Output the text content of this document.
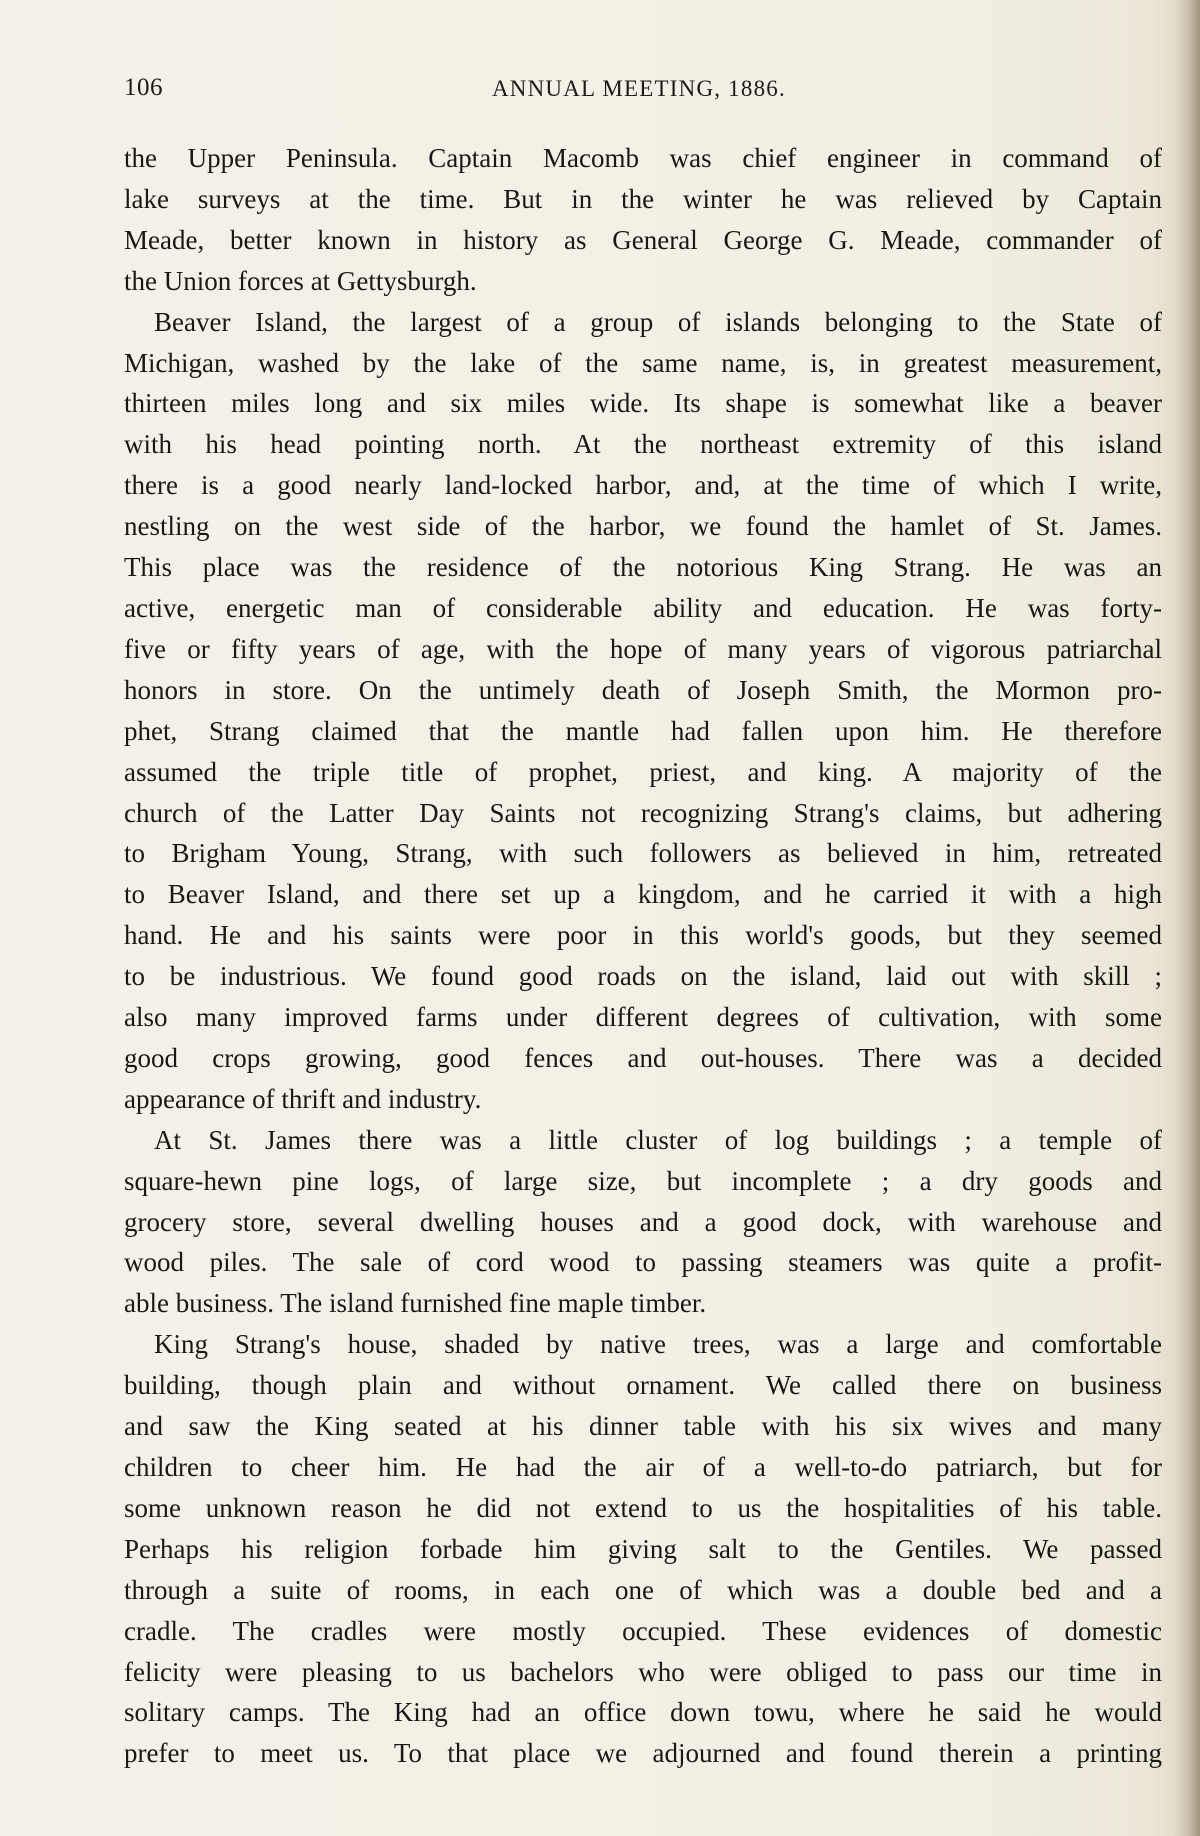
106	ANNUAL MEETING, 1886.
the Upper Peninsula. Captain Macomb was chief engineer in command of
lake surveys at the time. But in the winter he was relieved by Captain
Meade, better known in history as General George G. Meade, commander of
the Union forces at Gettysburgh.
Beaver Island, the largest of a group of islands belonging to the State of
Michigan, washed by the lake of the same name, is, in greatest measurement,
thirteen miles long and six miles wide. Its shape is somewhat like a beaver
with his head pointing north. At the northeast extremity of this island
there is a good nearly land-locked harbor, and, at the time of which I write,
nestling on the west side of the harbor, we found the hamlet of St. James.
This place was the residence of the notorious King Strang. He was an
active, energetic man of considerable ability and education. He was forty-
five or fifty years of age, with the hope of many years of vigorous patriarchal
honors in store. On the untimely death of Joseph Smith, the Mormon pro-
phet, Strang claimed that the mantle had fallen upon him. He therefore
assumed the triple title of prophet, priest, and king. A majority of the
church of the Latter Day Saints not recognizing Strang's claims, but adhering
to Brigham Young, Strang, with such followers as believed in him, retreated
to Beaver Island, and there set up a kingdom, and he carried it with a high
hand. He and his saints were poor in this world's goods, but they seemed
to be industrious. We found good roads on the island, laid out with skill ;
also many improved farms under different degrees of cultivation, with some
good crops growing, good fences and out-houses. There was a decided
appearance of thrift and industry.
At St. James there was a little cluster of log buildings ; a temple of
square-hewn pine logs, of large size, but incomplete ; a dry goods and
grocery store, several dwelling houses and a good dock, with warehouse and
wood piles. The sale of cord wood to passing steamers was quite a profit-
able business. The island furnished fine maple timber.
King Strang's house, shaded by native trees, was a large and comfortable
building, though plain and without ornament. We called there on business
and saw the King seated at his dinner table with his six wives and many
children to cheer him. He had the air of a well-to-do patriarch, but for
some unknown reason he did not extend to us the hospitalities of his table.
Perhaps his religion forbade him giving salt to the Gentiles. We passed
through a suite of rooms, in each one of which was a double bed and a
cradle. The cradles were mostly occupied. These evidences of domestic
felicity were pleasing to us bachelors who were obliged to pass our time in
solitary camps. The King had an office down towu, where he said he would
prefer to meet us. To that place we adjourned and found therein a printing
